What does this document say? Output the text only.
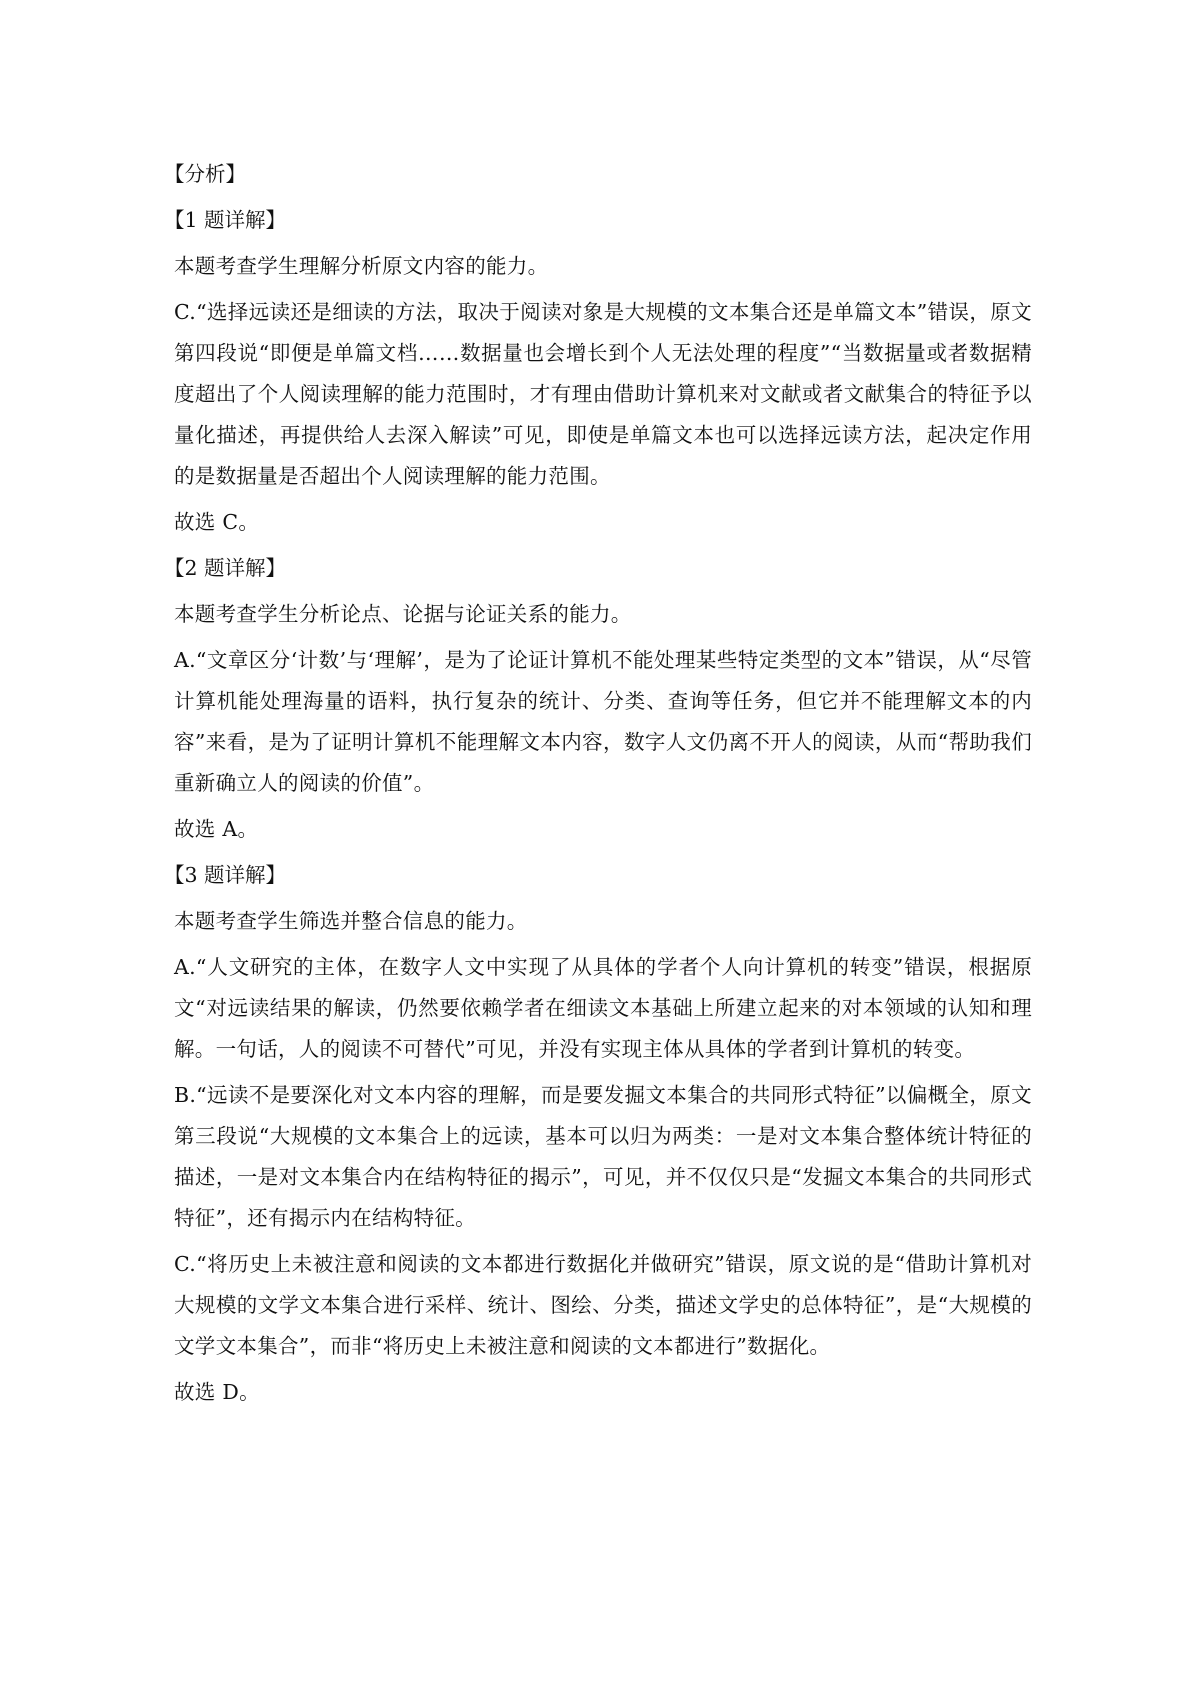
【分析】

【1 题详解】

本题考查学生理解分析原文内容的能力。

C.“选择远读还是细读的方法，取决于阅读对象是大规模的文本集合还是单篇文本”错误，原文第四段说“即便是单篇文档……数据量也会增长到个人无法处理的程度”“当数据量或者数据精度超出了个人阅读理解的能力范围时，才有理由借助计算机来对文献或者文献集合的特征予以量化描述，再提供给人去深入解读”可见，即使是单篇文本也可以选择远读方法，起决定作用的是数据量是否超出个人阅读理解的能力范围。

故选 C。

【2 题详解】

本题考查学生分析论点、论据与论证关系的能力。

A.“文章区分‘计数’与‘理解’，是为了论证计算机不能处理某些特定类型的文本”错误，从“尽管计算机能处理海量的语料，执行复杂的统计、分类、查询等任务，但它并不能理解文本的内容”来看，是为了证明计算机不能理解文本内容，数字人文仍离不开人的阅读，从而“帮助我们重新确立人的阅读的价值”。

故选 A。

【3 题详解】

本题考查学生筛选并整合信息的能力。

A.“人文研究的主体，在数字人文中实现了从具体的学者个人向计算机的转变”错误，根据原文“对远读结果的解读，仍然要依赖学者在细读文本基础上所建立起来的对本领域的认知和理解。一句话，人的阅读不可替代”可见，并没有实现主体从具体的学者到计算机的转变。

B.“远读不是要深化对文本内容的理解，而是要发掘文本集合的共同形式特征”以偏概全，原文第三段说“大规模的文本集合上的远读，基本可以归为两类：一是对文本集合整体统计特征的描述，一是对文本集合内在结构特征的揭示”，可见，并不仅仅只是“发掘文本集合的共同形式特征”，还有揭示内在结构特征。

C.“将历史上未被注意和阅读的文本都进行数据化并做研究”错误，原文说的是“借助计算机对大规模的文学文本集合进行采样、统计、图绘、分类，描述文学史的总体特征”，是“大规模的文学文本集合”，而非“将历史上未被注意和阅读的文本都进行”数据化。

故选 D。
